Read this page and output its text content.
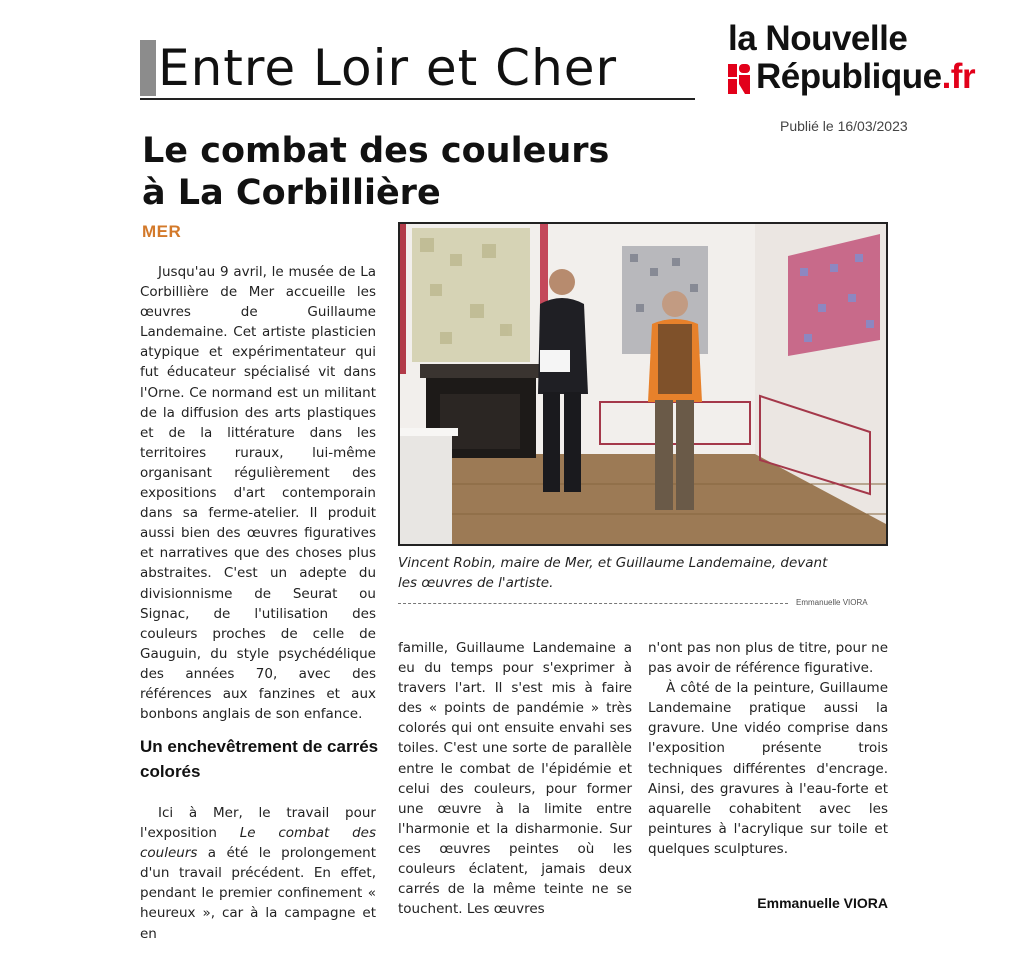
Entre Loir et Cher
la Nouvelle
République.fr
Publié le 16/03/2023
Le combat des couleurs
à La Corbillière
MER

Jusqu'au 9 avril, le musée de La Corbillière de Mer accueille les œuvres de Guillaume Landemaine. Cet artiste plasticien atypique et expérimentateur qui fut éducateur spécialisé vit dans l'Orne. Ce normand est un militant de la diffusion des arts plastiques et de la littérature dans les territoires ruraux, lui-même organisant régulièrement des expositions d'art contemporain dans sa ferme-atelier. Il produit aussi bien des œuvres figuratives et narratives que des choses plus abstraites. C'est un adepte du divisionnisme de Seurat ou Signac, de l'utilisation des couleurs proches de celle de Gauguin, du style psychédélique des années 70, avec des références aux fanzines et aux bonbons anglais de son enfance.

Un enchevêtrement de carrés colorés

Ici à Mer, le travail pour l'exposition Le combat des couleurs a été le prolongement d'un travail précédent. En effet, pendant le premier confinement « heureux », car à la campagne et en

Vincent Robin, maire de Mer, et Guillaume Landemaine, devant
les œuvres de l'artiste.
Emmanuelle VIORA

famille, Guillaume Landemaine a eu du temps pour s'exprimer à travers l'art. Il s'est mis à faire des « points de pandémie » très colorés qui ont ensuite envahi ses toiles. C'est une sorte de parallèle entre le combat de l'épidémie et celui des couleurs, pour former une œuvre à la limite entre l'harmonie et la disharmonie. Sur ces œuvres peintes où les couleurs éclatent, jamais deux carrés de la même teinte ne se touchent. Les œuvres

n'ont pas non plus de titre, pour ne pas avoir de référence figurative.

À côté de la peinture, Guillaume Landemaine pratique aussi la gravure. Une vidéo comprise dans l'exposition présente trois techniques différentes d'encrage. Ainsi, des gravures à l'eau-forte et aquarelle cohabitent avec les peintures à l'acrylique sur toile et quelques sculptures.

Emmanuelle VIORA
